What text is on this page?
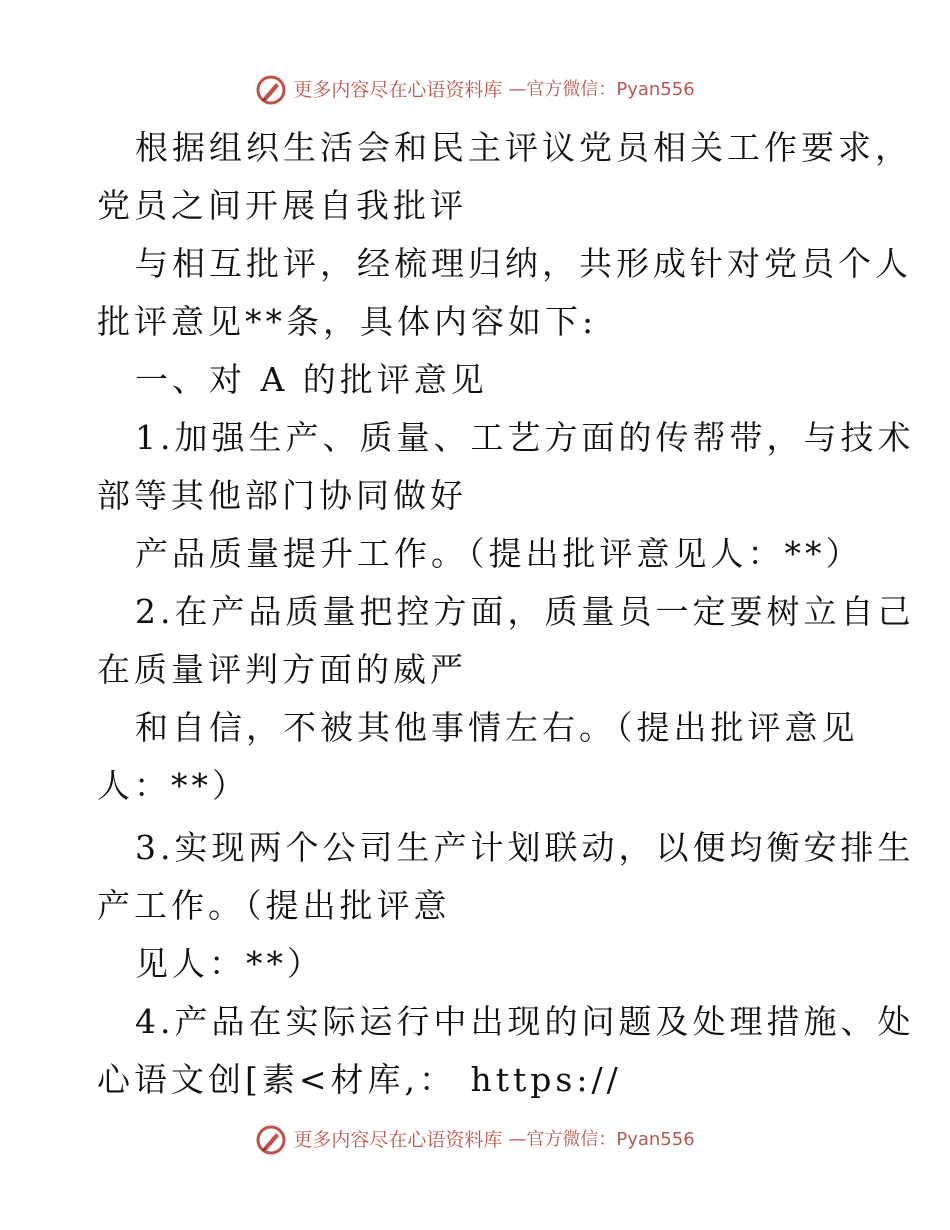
更多内容尽在心语资料库 —官方微信：Pyan556
根据组织生活会和民主评议党员相关工作要求，
党员之间开展自我批评
与相互批评，经梳理归纳，共形成针对党员个人
批评意见**条，具体内容如下:
一、对 A 的批评意见
1.加强生产、质量、工艺方面的传帮带，与技术
部等其他部门协同做好
产品质量提升工作。（提出批评意见人：**）
2.在产品质量把控方面，质量员一定要树立自己
在质量评判方面的威严
和自信，不被其他事情左右。（提出批评意见
人：**）
3.实现两个公司生产计划联动，以便均衡安排生
产工作。（提出批评意
见人：**）
4.产品在实际运行中出现的问题及处理措施、处
心语文创[素<材库,： https://
更多内容尽在心语资料库 —官方微信：Pyan556
